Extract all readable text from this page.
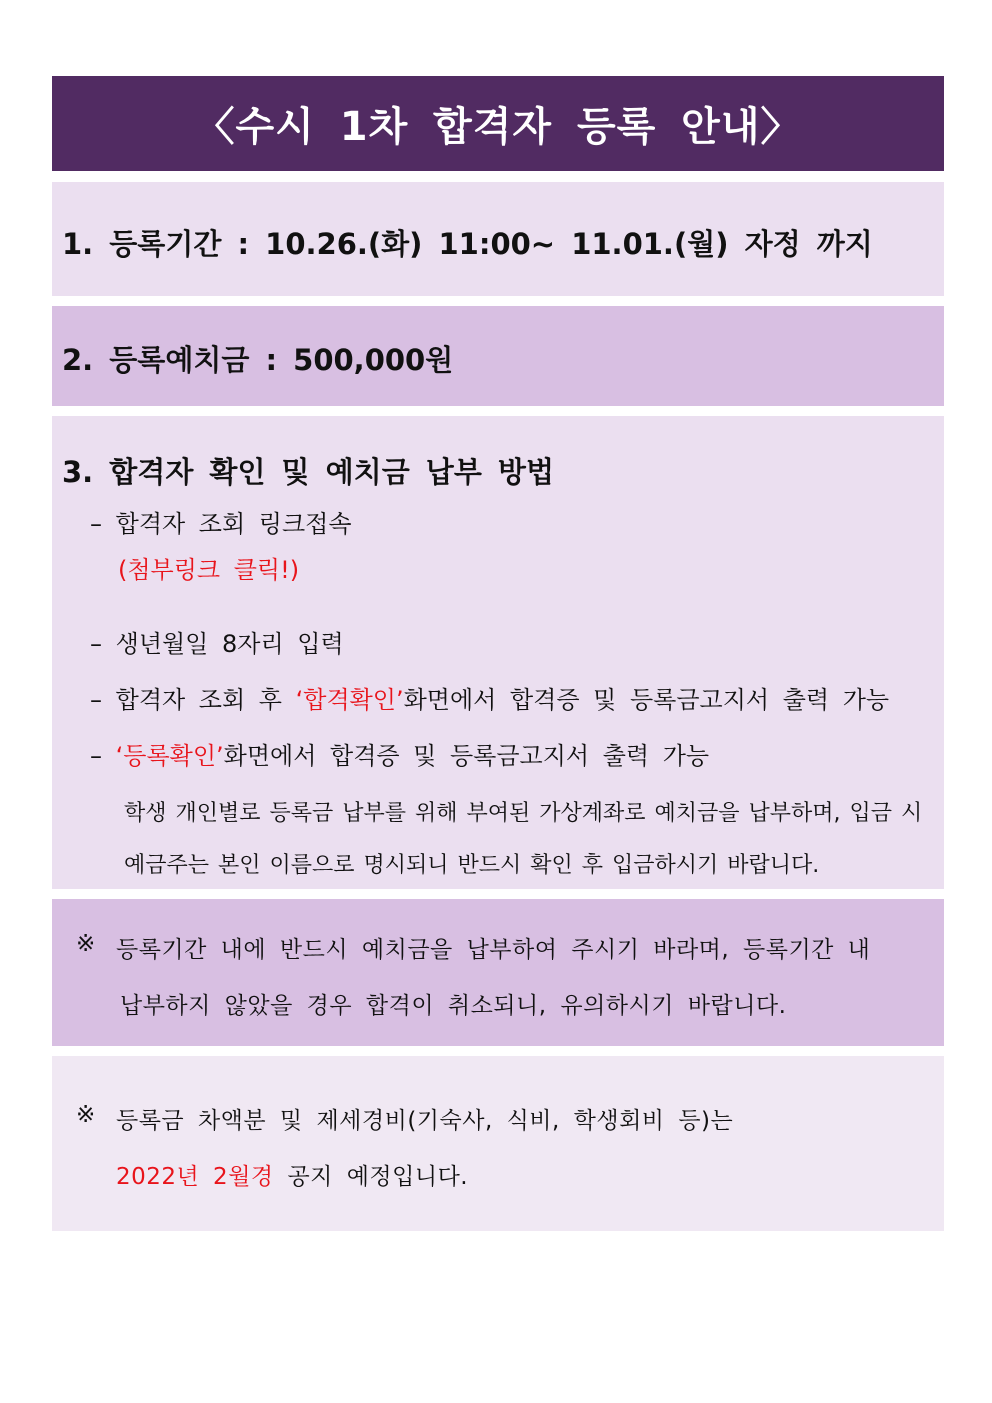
〈수시 1차 합격자 등록 안내〉
1. 등록기간 : 10.26.(화) 11:00~ 11.01.(월) 자정 까지
2. 등록예치금 : 500,000원
3. 합격자 확인 및 예치금 납부 방법
– 합격자 조회 링크접속
(첨부링크 클릭!)
– 생년월일 8자리 입력
– 합격자 조회 후 ‘합격확인’화면에서 합격증 및 등록금고지서 출력 가능
– ‘등록확인’화면에서 합격증 및 등록금고지서 출력 가능
학생 개인별로 등록금 납부를 위해 부여된 가상계좌로 예치금을 납부하며, 입금 시
예금주는 본인 이름으로 명시되니 반드시 확인 후 입금하시기 바랍니다.
※ 등록기간 내에 반드시 예치금을 납부하여 주시기 바라며, 등록기간 내
납부하지 않았을 경우 합격이 취소되니, 유의하시기 바랍니다.
※ 등록금 차액분 및 제세경비(기숙사, 식비, 학생회비 등)는
2022년 2월경 공지 예정입니다.
